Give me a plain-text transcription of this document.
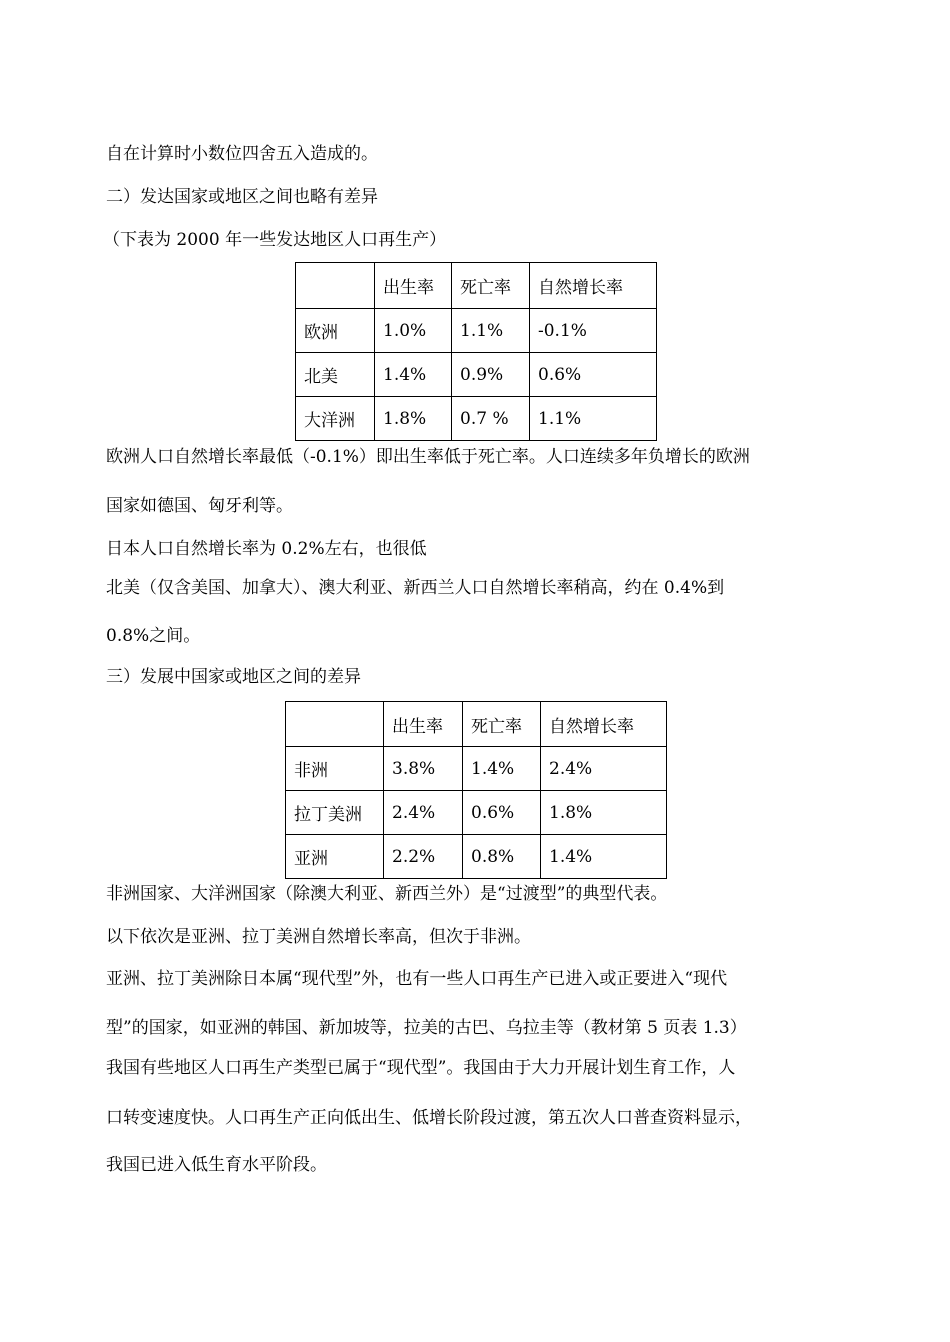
自在计算时小数位四舍五入造成的。
二）发达国家或地区之间也略有差异
（下表为 2000 年一些发达地区人口再生产）
	出生率	死亡率	自然增长率
欧洲	1.0%	1.1%	-0.1%
北美	1.4%	0.9%	0.6%
大洋洲	1.8%	0.7 %	1.1%
欧洲人口自然增长率最低（-0.1%）即出生率低于死亡率。人口连续多年负增长的欧洲
国家如德国、匈牙利等。
日本人口自然增长率为 0.2%左右，也很低
北美（仅含美国、加拿大）、澳大利亚、新西兰人口自然增长率稍高，约在 0.4%到
0.8%之间。
三）发展中国家或地区之间的差异
	出生率	死亡率	自然增长率
非洲	3.8%	1.4%	2.4%
拉丁美洲	2.4%	0.6%	1.8%
亚洲	2.2%	0.8%	1.4%
非洲国家、大洋洲国家（除澳大利亚、新西兰外）是“过渡型”的典型代表。
以下依次是亚洲、拉丁美洲自然增长率高，但次于非洲。
亚洲、拉丁美洲除日本属“现代型”外，也有一些人口再生产已进入或正要进入“现代
型”的国家，如亚洲的韩国、新加坡等，拉美的古巴、乌拉圭等（教材第 5 页表 1.3）
我国有些地区人口再生产类型已属于“现代型”。我国由于大力开展计划生育工作，人
口转变速度快。人口再生产正向低出生、低增长阶段过渡，第五次人口普查资料显示，
我国已进入低生育水平阶段。
